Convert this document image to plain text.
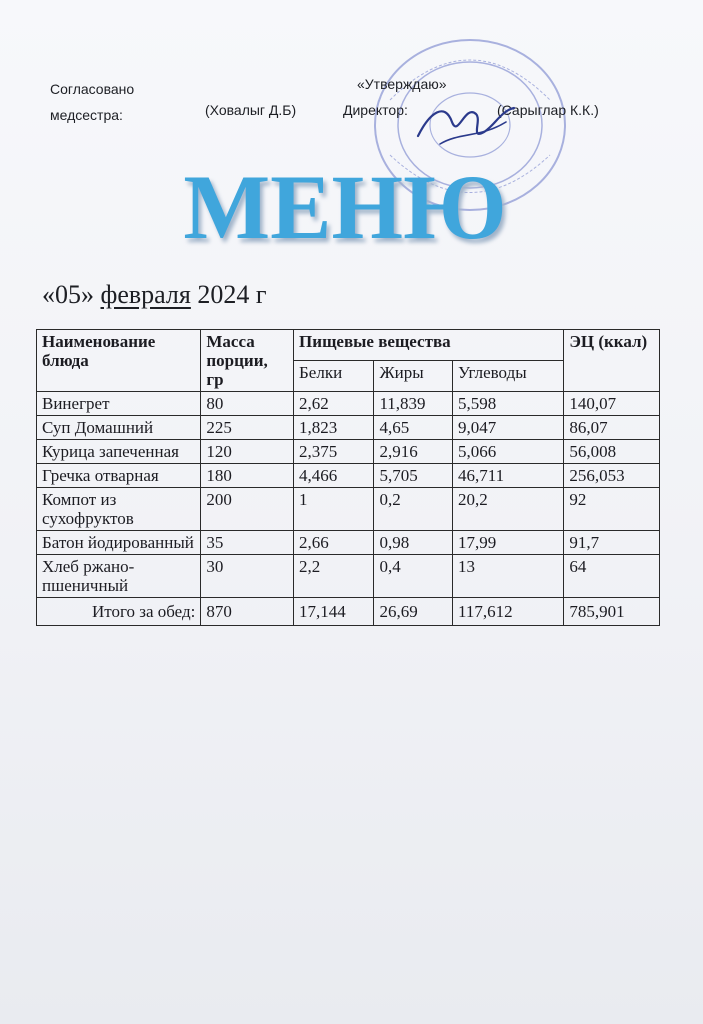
Согласовано
медсестра:	(Ховалыг Д.Б)
«Утверждаю»
Директор:	(Сарыглар К.К.)
МЕНЮ
«05» февраля 2024 г
Наименование блюда	Масса порции, гр	Пищевые вещества			ЭЦ (ккал)
		Белки	Жиры	Углеводы	
Винегрет	80	2,62	11,839	5,598	140,07
Суп Домашний	225	1,823	4,65	9,047	86,07
Курица запеченная	120	2,375	2,916	5,066	56,008
Гречка отварная	180	4,466	5,705	46,711	256,053
Компот из сухофруктов	200	1	0,2	20,2	92
Батон йодированный	35	2,66	0,98	17,99	91,7
Хлеб ржано-пшеничный	30	2,2	0,4	13	64
Итого за обед:	870	17,144	26,69	117,612	785,901
